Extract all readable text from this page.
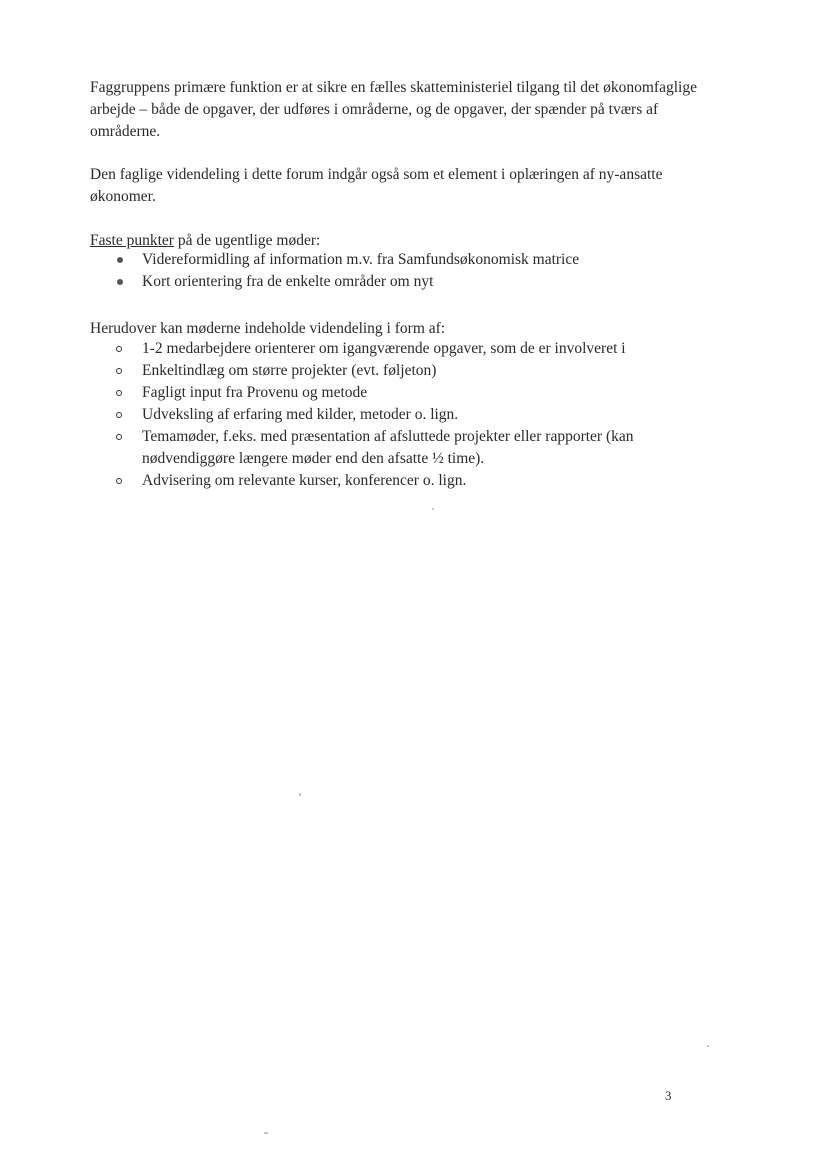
Faggruppens primære funktion er at sikre en fælles skatteministeriel tilgang til det økonomfaglige arbejde – både de opgaver, der udføres i områderne, og de opgaver, der spænder på tværs af områderne.

Den faglige videndeling i dette forum indgår også som et element i oplæringen af ny-ansatte økonomer.

Faste punkter på de ugentlige møder:

Videreformidling af information m.v. fra Samfundsøkonomisk matrice
Kort orientering fra de enkelte områder om nyt

Herudover kan møderne indeholde videndeling i form af:

1-2 medarbejdere orienterer om igangværende opgaver, som de er involveret i
Enkeltindlæg om større projekter (evt. føljeton)
Fagligt input fra Provenu og metode
Udveksling af erfaring med kilder, metoder o. lign.
Temamøder, f.eks. med præsentation af afsluttede projekter eller rapporter (kan nødvendiggøre længere møder end den afsatte ½ time).
Advisering om relevante kurser, konferencer o. lign.
3
